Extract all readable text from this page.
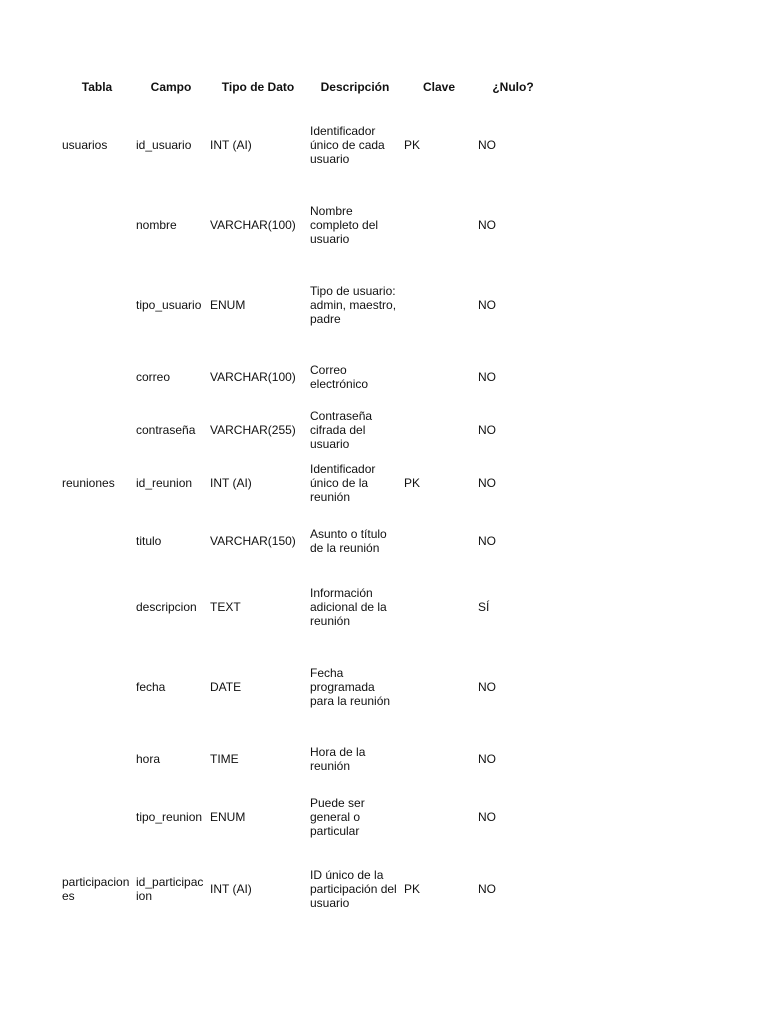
Tabla	Campo	Tipo de Dato	Descripción	Clave	¿Nulo?
usuarios	id_usuario	INT (AI)	Identificador único de cada usuario	PK	NO
	nombre	VARCHAR(100)	Nombre completo del usuario		NO
	tipo_usuario	ENUM	Tipo de usuario: admin, maestro, padre		NO
	correo	VARCHAR(100)	Correo electrónico		NO
	contraseña	VARCHAR(255)	Contraseña cifrada del usuario		NO
reuniones	id_reunion	INT (AI)	Identificador único de la reunión	PK	NO
	titulo	VARCHAR(150)	Asunto o título de la reunión		NO
	descripcion	TEXT	Información adicional de la reunión		SÍ
	fecha	DATE	Fecha programada para la reunión		NO
	hora	TIME	Hora de la reunión		NO
	tipo_reunion	ENUM	Puede ser general o particular		NO
participaciones	id_participacion	INT (AI)	ID único de la participación del usuario	PK	NO
